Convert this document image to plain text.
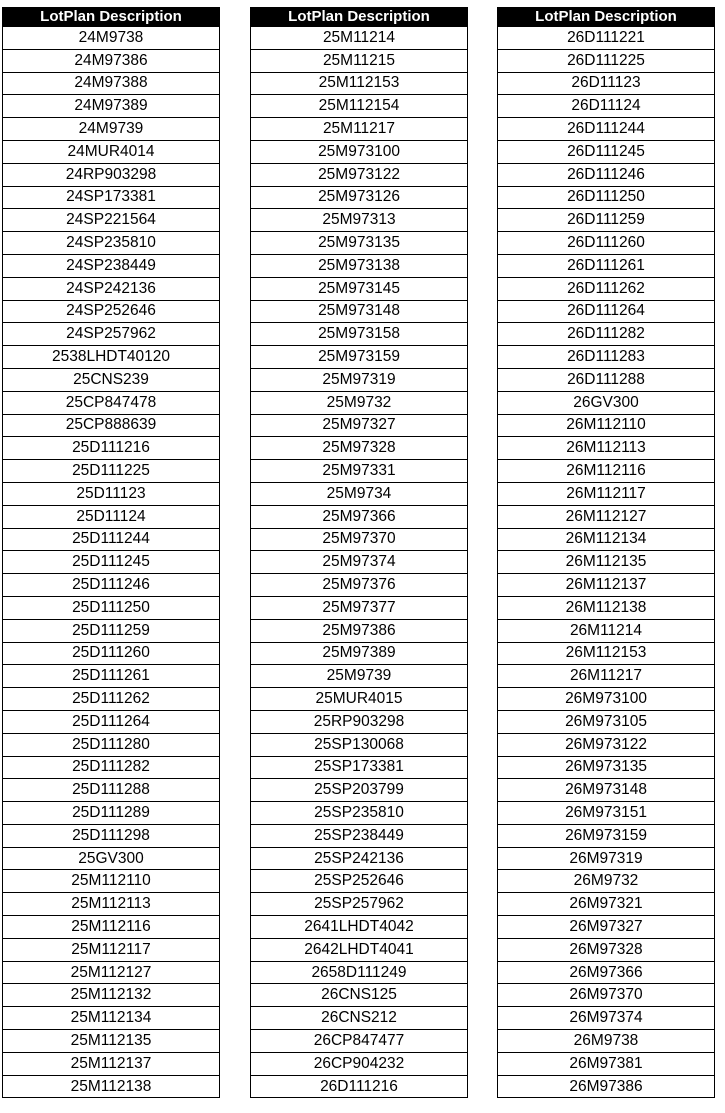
LotPlan Description
24M9738
24M97386
24M97388
24M97389
24M9739
24MUR4014
24RP903298
24SP173381
24SP221564
24SP235810
24SP238449
24SP242136
24SP252646
24SP257962
2538LHDT40120
25CNS239
25CP847478
25CP888639
25D111216
25D111225
25D11123
25D11124
25D111244
25D111245
25D111246
25D111250
25D111259
25D111260
25D111261
25D111262
25D111264
25D111280
25D111282
25D111288
25D111289
25D111298
25GV300
25M112110
25M112113
25M112116
25M112117
25M112127
25M112132
25M112134
25M112135
25M112137
25M112138
LotPlan Description
25M11214
25M11215
25M112153
25M112154
25M11217
25M973100
25M973122
25M973126
25M97313
25M973135
25M973138
25M973145
25M973148
25M973158
25M973159
25M97319
25M9732
25M97327
25M97328
25M97331
25M9734
25M97366
25M97370
25M97374
25M97376
25M97377
25M97386
25M97389
25M9739
25MUR4015
25RP903298
25SP130068
25SP173381
25SP203799
25SP235810
25SP238449
25SP242136
25SP252646
25SP257962
2641LHDT4042
2642LHDT4041
2658D111249
26CNS125
26CNS212
26CP847477
26CP904232
26D111216
LotPlan Description
26D111221
26D111225
26D11123
26D11124
26D111244
26D111245
26D111246
26D111250
26D111259
26D111260
26D111261
26D111262
26D111264
26D111282
26D111283
26D111288
26GV300
26M112110
26M112113
26M112116
26M112117
26M112127
26M112134
26M112135
26M112137
26M112138
26M11214
26M112153
26M11217
26M973100
26M973105
26M973122
26M973135
26M973148
26M973151
26M973159
26M97319
26M9732
26M97321
26M97327
26M97328
26M97366
26M97370
26M97374
26M9738
26M97381
26M97386
